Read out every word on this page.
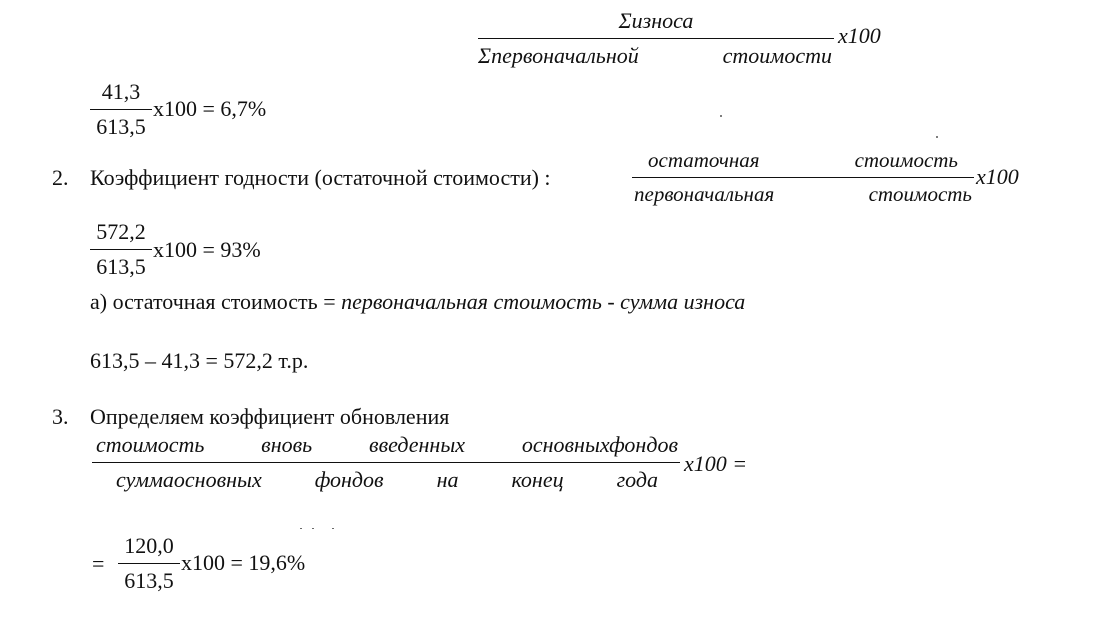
Σизноса
Σпервоначальной	стоимости
x100
41,3
613,5
x100 = 6,7%
2. Коэффициент годности (остаточной стоимости) :
остаточная	стоимость
первоначальная	стоимость
x100
572,2
613,5
x100 = 93%
а) остаточная стоимость = первоначальная стоимость - сумма износа
613,5 – 41,3 = 572,2 т.р.
3. Определяем коэффициент обновления
стоимость	вновь	введенных	основныхфондов
суммаосновных фондов на конец года
x100 =
=
120,0
613,5
x100 = 19,6%
